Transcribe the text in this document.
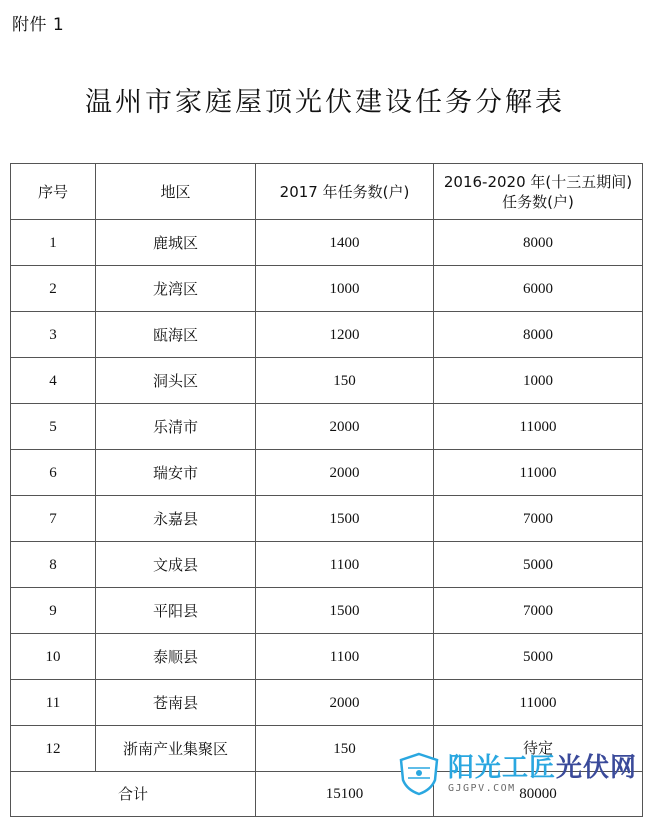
附件 1
温州市家庭屋顶光伏建设任务分解表
序号	地区	2017 年任务数(户)	2016-2020 年(十三五期间)任务数(户)
1	鹿城区	1400	8000
2	龙湾区	1000	6000
3	瓯海区	1200	8000
4	洞头区	150	1000
5	乐清市	2000	11000
6	瑞安市	2000	11000
7	永嘉县	1500	7000
8	文成县	1100	5000
9	平阳县	1500	7000
10	泰顺县	1100	5000
11	苍南县	2000	11000
12	浙南产业集聚区	150	待定
合计		15100	80000
阳光工匠光伏网
GJGPV.COM
